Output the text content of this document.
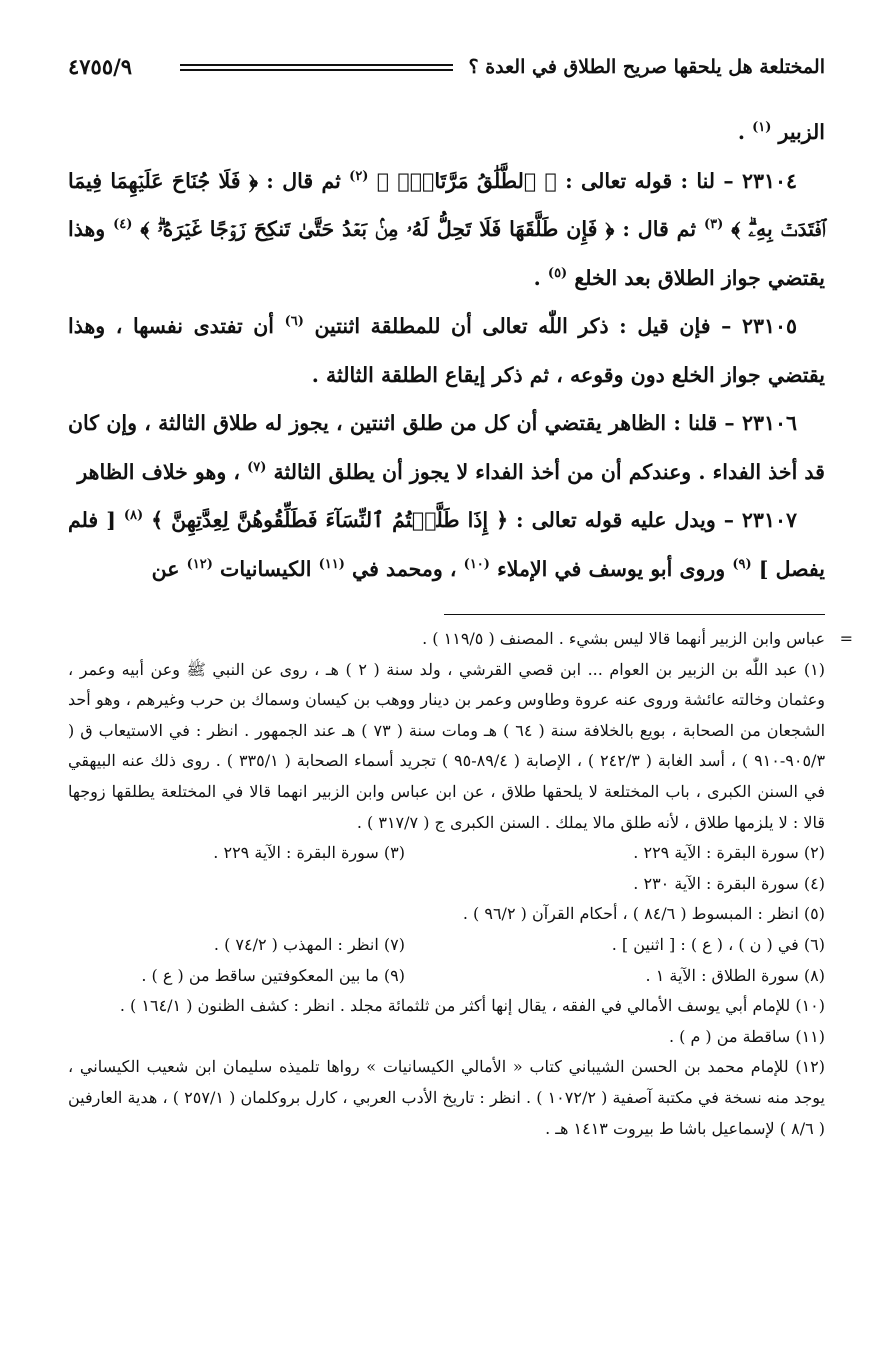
المختلعة هل يلحقها صريح الطلاق في العدة ؟
٤٧٥٥/٩

الزبير $^{(١)}$ .

٢٣١٠٤ – لنا : قوله تعالى : ﴿ ٱلطَّلَٰقُ مَرَّتَانِۖ ﴾ $^{(٢)}$ ثم قال : ﴿ فَلَا جُنَاحَ عَلَيۡهِمَا فِيمَا ٱفۡتَدَتۡ بِهِۦۗ ﴾ $^{(٣)}$ ثم قال : ﴿ فَإِن طَلَّقَهَا فَلَا تَحِلُّ لَهُۥ مِنۢ بَعۡدُ حَتَّىٰ تَنكِحَ زَوۡجًا غَيۡرَهُۥۗ ﴾ $^{(٤)}$ وهذا يقتضي جواز الطلاق بعد الخلع $^{(٥)}$ .

٢٣١٠٥ – فإن قيل : ذكر اللّٰه تعالى أن للمطلقة اثنتين $^{(٦)}$ أن تفتدى نفسها ، وهذا يقتضي جواز الخلع دون وقوعه ، ثم ذكر إيقاع الطلقة الثالثة .

٢٣١٠٦ – قلنا : الظاهر يقتضي أن كل من طلق اثنتين ، يجوز له طلاق الثالثة ، وإن كان قد أخذ الفداء . وعندكم أن من أخذ الفداء لا يجوز أن يطلق الثالثة $^{(٧)}$ ، وهو خلاف الظاهر

٢٣١٠٧ – ويدل عليه قوله تعالى : ﴿ إِذَا طَلَّقۡتُمُ ٱلنِّسَآءَ فَطَلِّقُوهُنَّ لِعِدَّتِهِنَّ ﴾ $^{(٨)}$ [ فلم يفصل ] $^{(٩)}$ وروى أبو يوسف في الإملاء $^{(١٠)}$ ، ومحمد في $^{(١١)}$ الكيسانيات $^{(١٢)}$ عن

=
عباس وابن الزبير أنهما قالا ليس بشيء . المصنف ( ١١٩/٥ ) .

(١) عبد اللّٰه بن الزبير بن العوام ... ابن قصي القرشي ، ولد سنة ( ٢ ) هـ ، روى عن النبي ﷺ وعن أبيه وعمر ، وعثمان وخالته عائشة وروى عنه عروة وطاوس وعمر بن دينار ووهب بن كيسان وسماك بن حرب وغيرهم ، وهو أحد الشجعان من الصحابة ، بويع بالخلافة سنة ( ٦٤ ) هـ ومات سنة ( ٧٣ ) هـ عند الجمهور . انظر : في الاستيعاب ق ( ٩٠٥/٣-٩١٠ ) ، أسد الغابة ( ٢٤٢/٣ ) ، الإصابة ( ٨٩/٤-٩٥ ) تجريد أسماء الصحابة ( ٣٣٥/١ ) . روى ذلك عنه البيهقي في السنن الكبرى ، باب المختلعة لا يلحقها طلاق ، عن ابن عباس وابن الزبير انهما قالا في المختلعة يطلقها زوجها قالا : لا يلزمها طلاق ، لأنه طلق مالا يملك . السنن الكبرى ج ( ٣١٧/٧ ) .

(٢) سورة البقرة : الآية ٢٢٩ .
(٣) سورة البقرة : الآية ٢٢٩ .

(٤) سورة البقرة : الآية ٢٣٠ .

(٥) انظر : المبسوط ( ٨٤/٦ ) ، أحكام القرآن ( ٩٦/٢ ) .

(٦) في ( ن ) ، ( ع ) : [ اثنين ] .
(٧) انظر : المهذب ( ٧٤/٢ ) .
(٨) سورة الطلاق : الآية ١ .
(٩) ما بين المعكوفتين ساقط من ( ع ) .

(١٠) للإمام أبي يوسف الأمالي في الفقه ، يقال إنها أكثر من ثلثمائة مجلد . انظر : كشف الظنون ( ١٦٤/١ ) .

(١١) ساقطة من ( م ) .

(١٢) للإمام محمد بن الحسن الشيباني كتاب « الأمالي الكيسانيات » رواها تلميذه سليمان ابن شعيب الكيساني ، يوجد منه نسخة في مكتبة آصفية ( ١٠٧٢/٢ ) . انظر : تاريخ الأدب العربي ، كارل بروكلمان ( ٢٥٧/١ ) ، هدية العارفين ( ٨/٦ ) لإسماعيل باشا ط بيروت ١٤١٣ هـ .
